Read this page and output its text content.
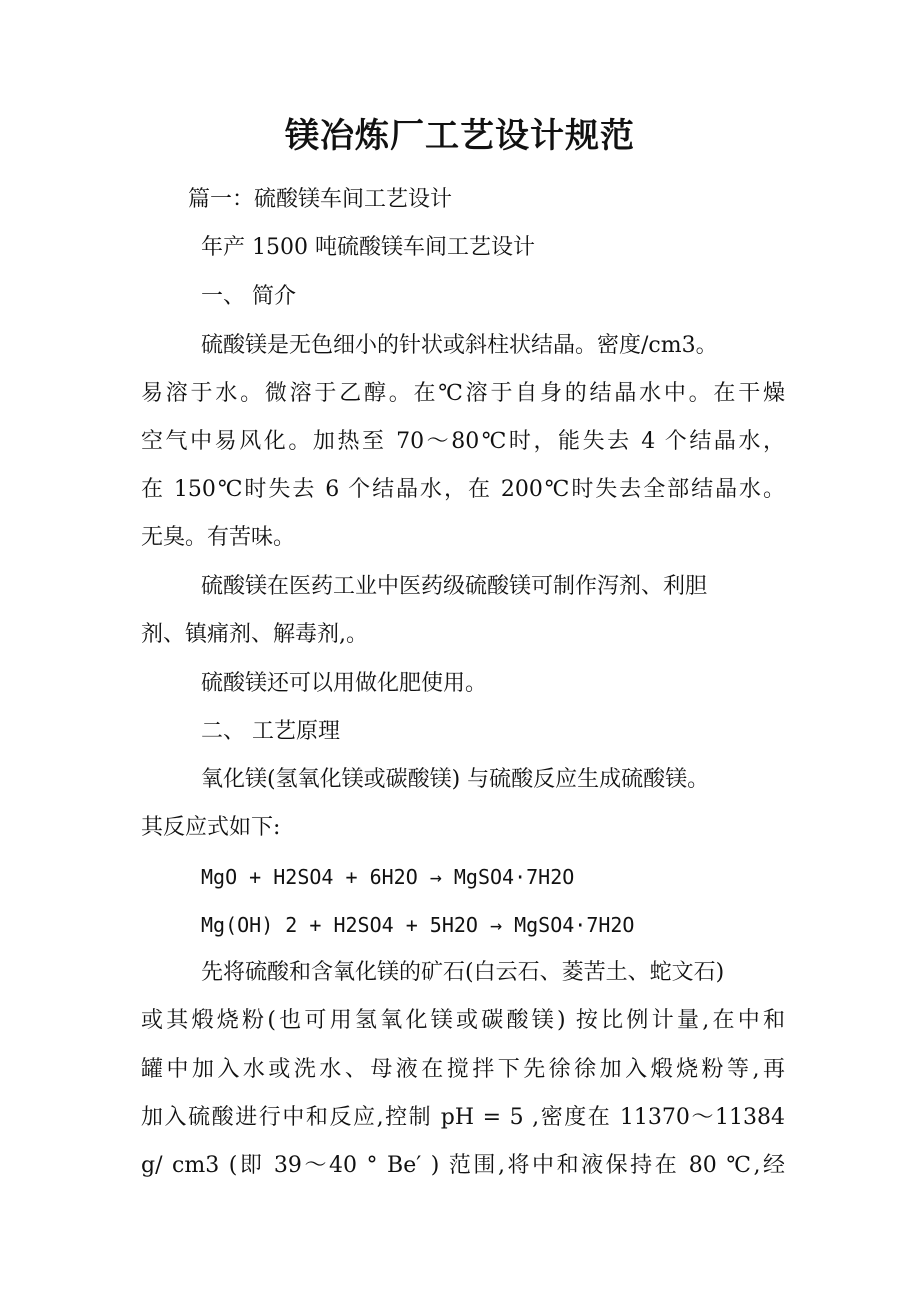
镁冶炼厂工艺设计规范
篇一：硫酸镁车间工艺设计
年产 1500 吨硫酸镁车间工艺设计
一、 简介
硫酸镁是无色细小的针状或斜柱状结晶。密度/cm3。
易溶于水。微溶于乙醇。在℃溶于自身的结晶水中。在干燥
空气中易风化。加热至 70～80℃时，能失去 4 个结晶水，
在 150℃时失去 6 个结晶水，在 200℃时失去全部结晶水。
无臭。有苦味。
硫酸镁在医药工业中医药级硫酸镁可制作泻剂、利胆
剂、镇痛剂、解毒剂,。
硫酸镁还可以用做化肥使用。
二、 工艺原理
氧化镁(氢氧化镁或碳酸镁) 与硫酸反应生成硫酸镁。
其反应式如下:
MgO + H2SO4 + 6H2O → MgSO4·7H2O
Mg(OH) 2 + H2SO4 + 5H2O → MgSO4·7H2O
先将硫酸和含氧化镁的矿石(白云石、菱苦土、蛇文石)
或其煅烧粉(也可用氢氧化镁或碳酸镁) 按比例计量,在中和
罐中加入水或洗水、母液在搅拌下先徐徐加入煅烧粉等,再
加入硫酸进行中和反应,控制 pH = 5 ,密度在 11370～11384
g/ cm3 (即 39～40 ° Be′ ) 范围,将中和液保持在 80 ℃,经
